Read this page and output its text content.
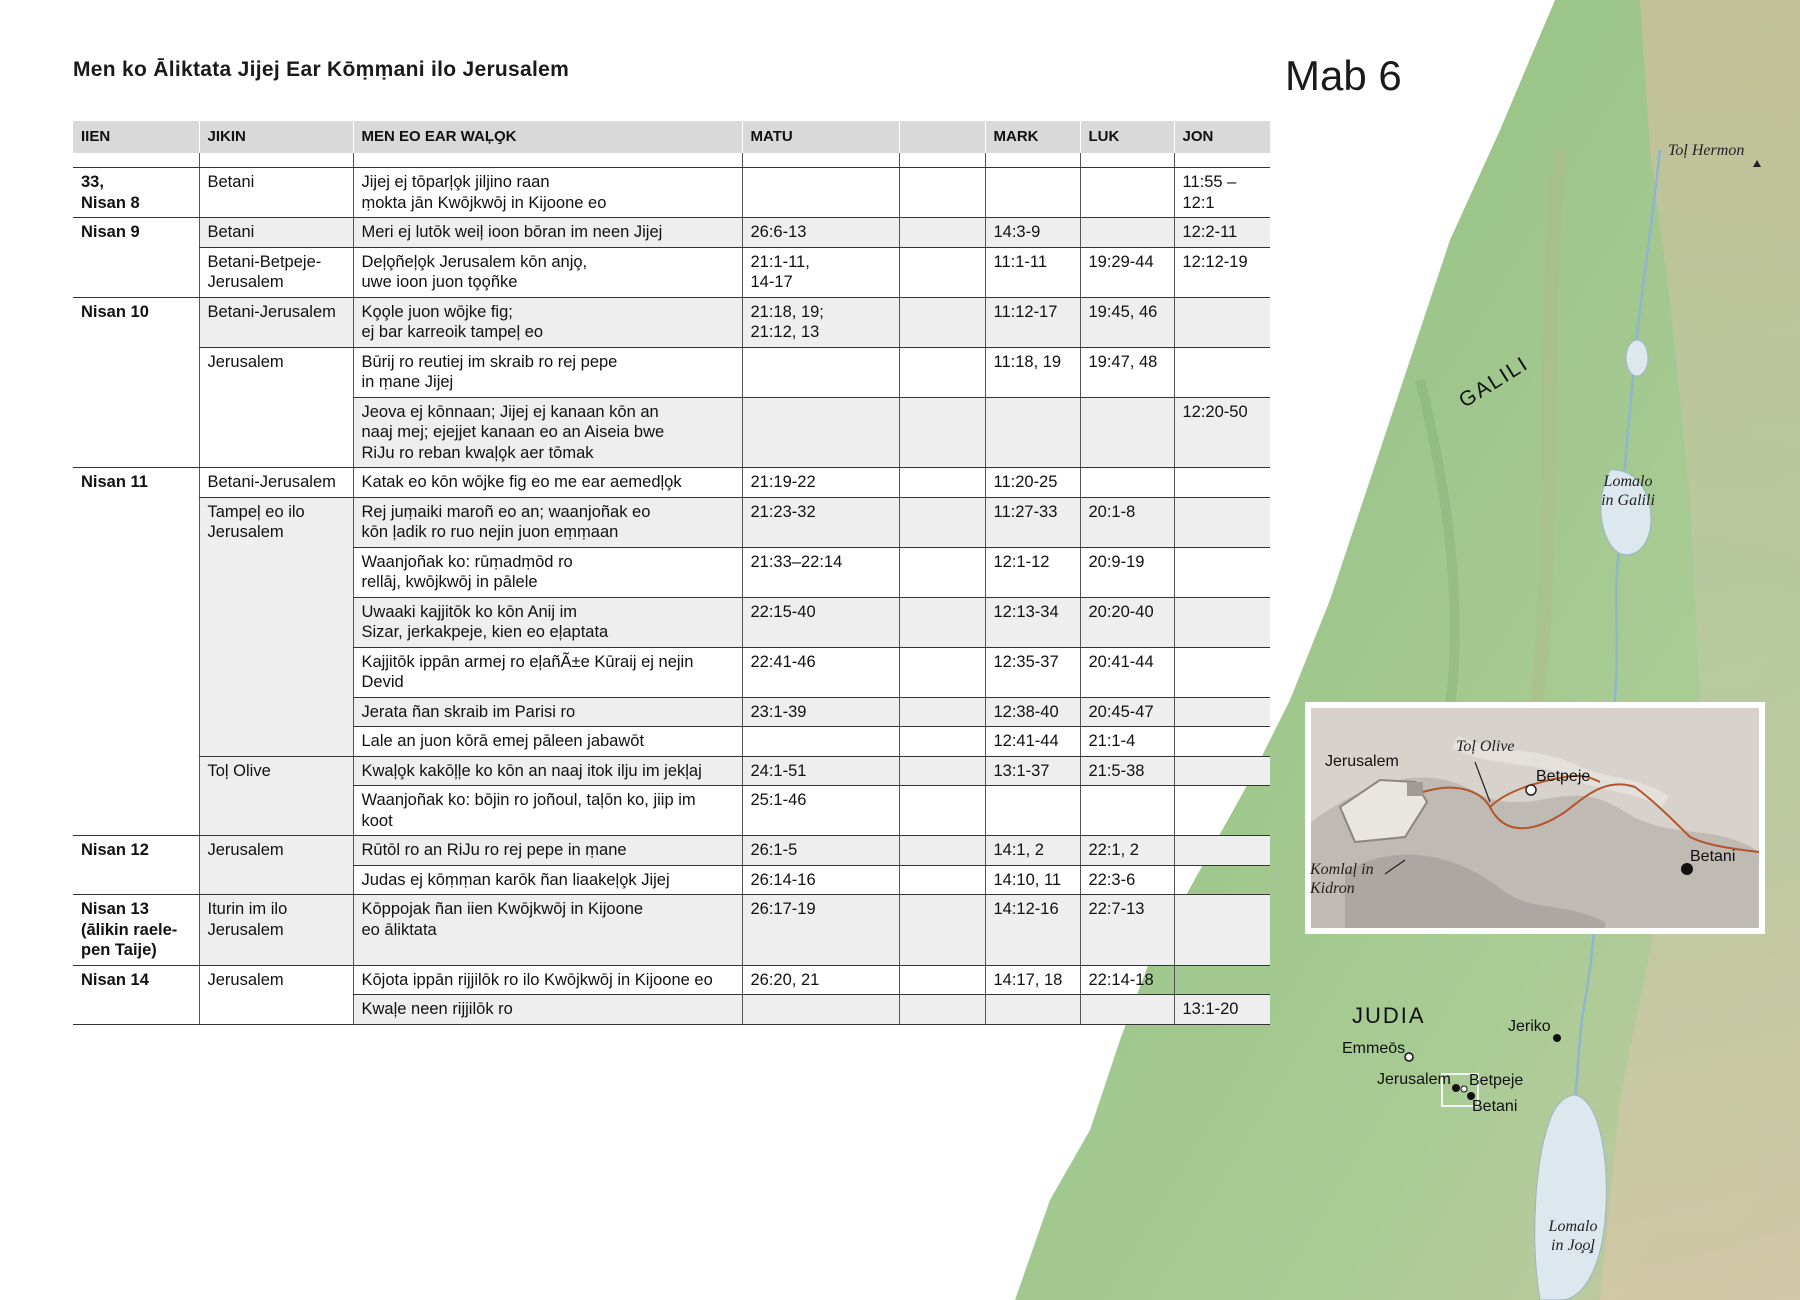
Men ko Āliktata Jijej Ear Kōṃṃani ilo Jerusalem	Mab 6
IIEN	JIKIN	MEN EO EAR WAĻO̧K	MATU		MARK	LUK	JON

33,
Nisan 8	Betani	Jijej ej tōparļo̧k jiljino raan
ṃokta jān Kwōjkwōj in Kijoone eo					11:55 –
12:1
Nisan 9	Betani	Meri ej lutōk weiļ ioon bōran im neen Jijej	26:6-13		14:3-9		12:2-11
	Betani-Betpeje-
Jerusalem	Deļo̧ñeļo̧k Jerusalem kōn anjo̧,
uwe ioon juon to̧o̧ñke	21:1-11,
14-17		11:1-11	19:29-44	12:12-19
Nisan 10	Betani-Jerusalem	Ko̧o̧le juon wōjke fig;
ej bar karreoik tampeļ eo	21:18, 19;
21:12, 13		11:12-17	19:45, 46	
	Jerusalem	Būrij ro reutiej im skraib ro rej pepe
in ṃane Jijej			11:18, 19	19:47, 48	
		Jeova ej kōnnaan; Jijej ej kanaan kōn an
naaj mej; ejejjet kanaan eo an Aiseia bwe
RiJu ro reban kwaļo̧k aer tōmak					12:20-50
Nisan 11	Betani-Jerusalem	Katak eo kōn wōjke fig eo me ear aemedļo̧k	21:19-22		11:20-25		
	Tampeļ eo ilo
Jerusalem	Rej juṃaiki maroñ eo an; waanjoñak eo
kōn ļadik ro ruo nejin juon eṃṃaan	21:23-32		11:27-33	20:1-8	
		Waanjoñak ko: rūṃadṃōd ro
rellāj, kwōjkwōj in pālele	21:33–22:14		12:1-12	20:9-19	
		Uwaaki kajjitōk ko kōn Anij im
Sizar, jerkakpeje, kien eo eļaptata	22:15-40		12:13-34	20:20-40	
		Kajjitōk ippān armej ro eļañÃ±e Kūraij ej nejin
Devid	22:41-46		12:35-37	20:41-44	
		Jerata ñan skraib im Parisi ro	23:1-39		12:38-40	20:45-47	
		Lale an juon kōrā emej pāleen jabawōt			12:41-44	21:1-4	
	Toļ Olive	Kwaļo̧k kakōļļe ko kōn an naaj itok ilju im jekļaj	24:1-51		13:1-37	21:5-38	
		Waanjoñak ko: bōjin ro joñoul, taļōn ko, jiip im
koot	25:1-46				
Nisan 12	Jerusalem	Rūtōl ro an RiJu ro rej pepe in ṃane	26:1-5		14:1, 2	22:1, 2	
		Judas ej kōṃṃan karōk ñan liaakeļo̧k Jijej	26:14-16		14:10, 11	22:3-6	
Nisan 13
(ālikin raele-
pen Taije)	Iturin im ilo
Jerusalem	Kōppojak ñan iien Kwōjkwōj in Kijoone
eo āliktata	26:17-19		14:12-16	22:7-13	
Nisan 14	Jerusalem	Kōjota ippān rijjilōk ro ilo Kwōjkwōj in Kijoone eo	26:20, 21		14:17, 18	22:14-18	
		Kwaļe neen rijjilōk ro					13:1-20
Toļ Hermon
GALILI
Lomalo
in Galili
JUDIA	Jeriko
Emmeōs
Jerusalem Betpeje
Betani
Lomalo
in Jo̧o̧ļ
Jerusalem
Toļ Olive
Betpeje
Betani
Komlaļ in
Kidron
